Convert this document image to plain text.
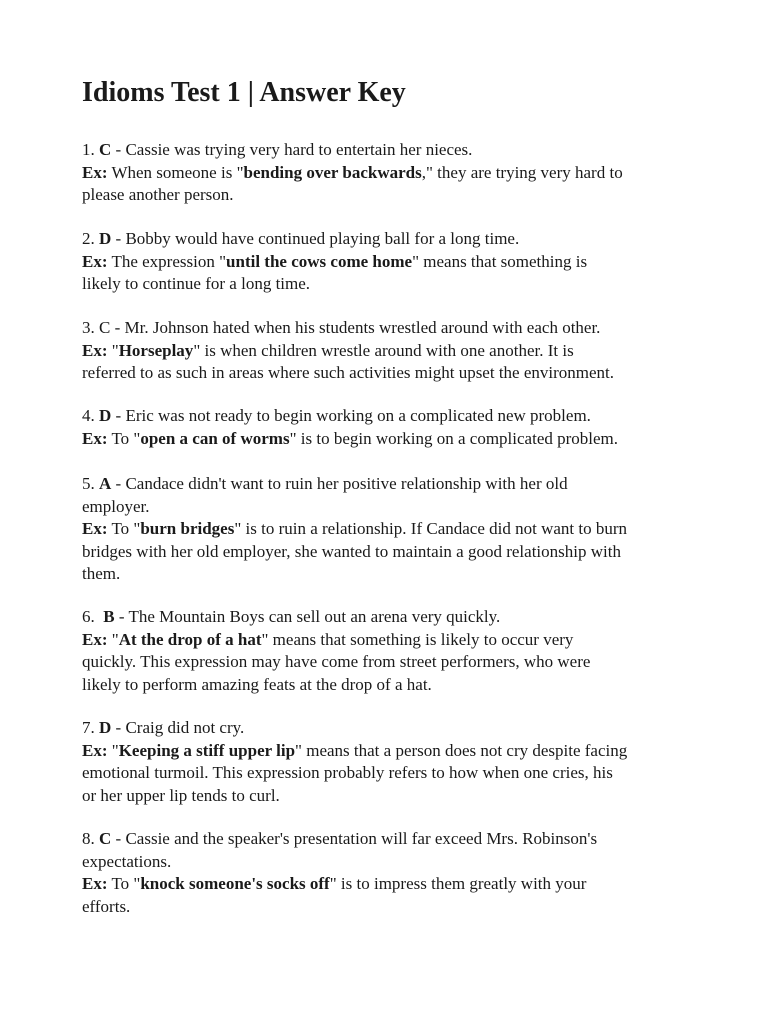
Idioms Test 1 | Answer Key
1. C - Cassie was trying very hard to entertain her nieces.
Ex: When someone is "bending over backwards," they are trying very hard to
please another person.
2. D - Bobby would have continued playing ball for a long time.
Ex: The expression "until the cows come home" means that something is
likely to continue for a long time.
3. C - Mr. Johnson hated when his students wrestled around with each other.
Ex: "Horseplay" is when children wrestle around with one another. It is
referred to as such in areas where such activities might upset the environment.
4. D - Eric was not ready to begin working on a complicated new problem.
Ex: To "open a can of worms" is to begin working on a complicated problem.
5. A - Candace didn't want to ruin her positive relationship with her old
employer.
Ex: To "burn bridges" is to ruin a relationship. If Candace did not want to burn
bridges with her old employer, she wanted to maintain a good relationship with
them.
6. B - The Mountain Boys can sell out an arena very quickly.
Ex: "At the drop of a hat" means that something is likely to occur very
quickly. This expression may have come from street performers, who were
likely to perform amazing feats at the drop of a hat.
7. D - Craig did not cry.
Ex: "Keeping a stiff upper lip" means that a person does not cry despite facing
emotional turmoil. This expression probably refers to how when one cries, his
or her upper lip tends to curl.
8. C - Cassie and the speaker's presentation will far exceed Mrs. Robinson's
expectations.
Ex: To "knock someone's socks off" is to impress them greatly with your
efforts.
